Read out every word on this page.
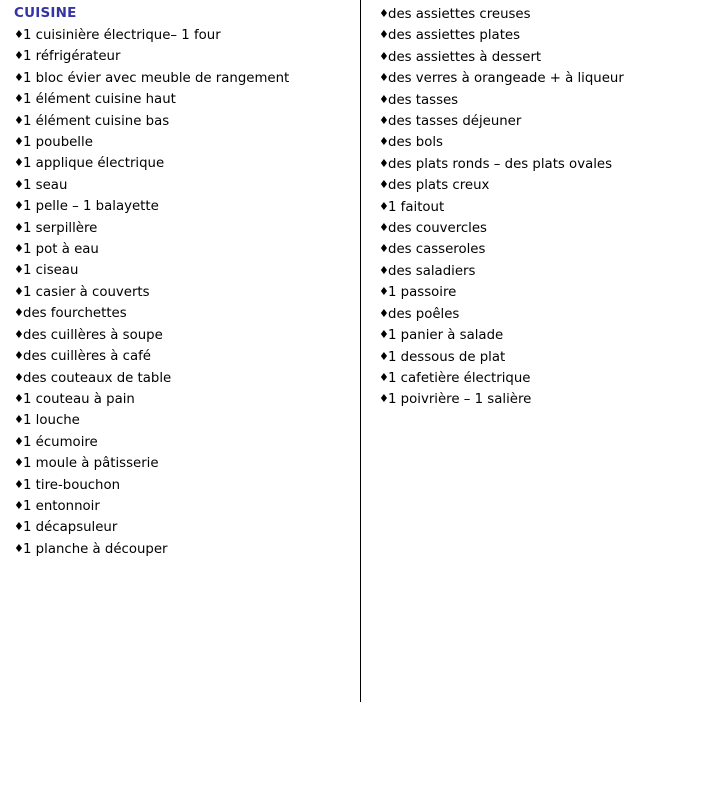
CUISINE
♦ 1 cuisinière électrique– 1 four
♦ 1 réfrigérateur
♦ 1 bloc évier avec meuble de rangement
♦ 1 élément cuisine haut
♦ 1 élément cuisine bas
♦ 1 poubelle
♦ 1 applique électrique
♦ 1 seau
♦ 1 pelle – 1 balayette
♦ 1 serpillère
♦ 1 pot à eau
♦ 1 ciseau
♦ 1 casier à couverts
♦ des fourchettes
♦ des cuillères à soupe
♦ des cuillères à café
♦ des couteaux de table
♦ 1 couteau à pain
♦ 1 louche
♦ 1 écumoire
♦ 1 moule à pâtisserie
♦ 1 tire-bouchon
♦ 1 entonnoir
♦ 1 décapsuleur
♦ 1 planche à découper
♦ des assiettes creuses
♦ des assiettes plates
♦ des assiettes à dessert
♦ des verres à orangeade + à liqueur
♦ des tasses
♦ des tasses déjeuner
♦ des bols
♦ des plats ronds – des plats ovales
♦ des plats creux
♦ 1 faitout
♦ des couvercles
♦ des casseroles
♦ des saladiers
♦ 1 passoire
♦ des poêles
♦ 1 panier à salade
♦ 1 dessous de plat
♦ 1 cafetière électrique
♦ 1 poivrière – 1 salière
